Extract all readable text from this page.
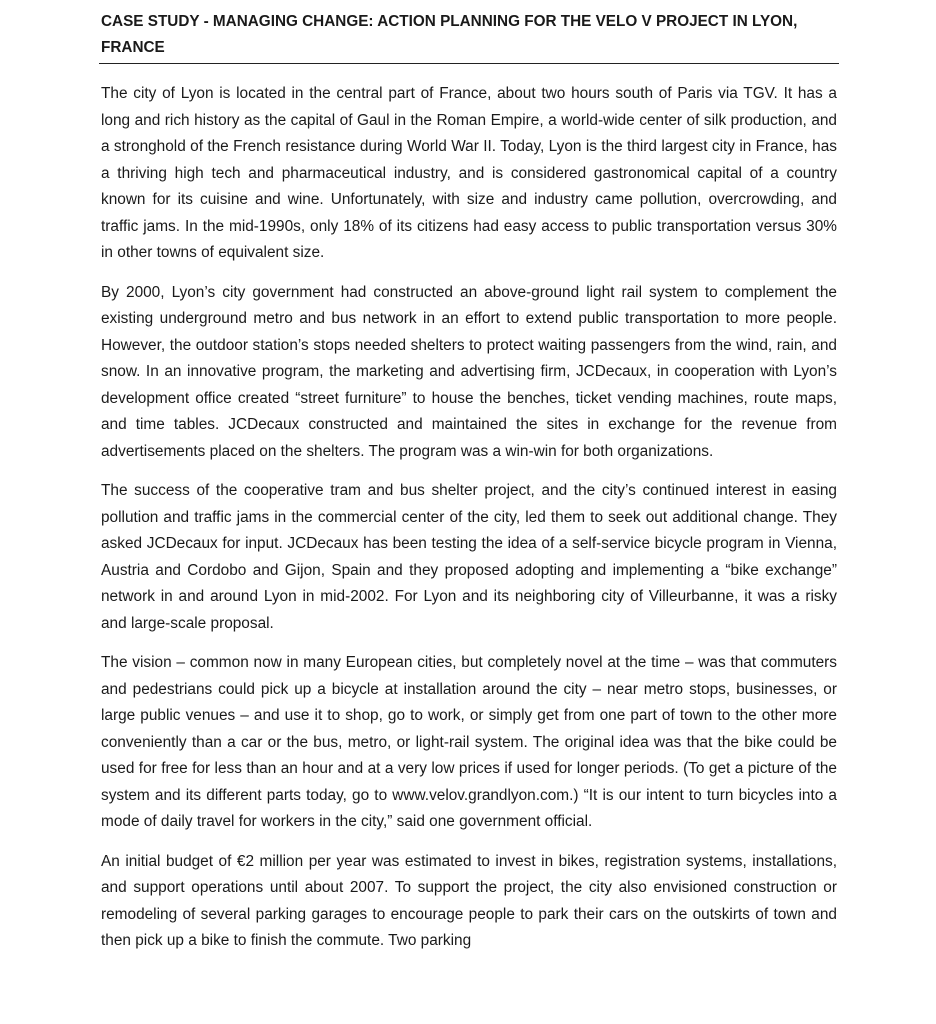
CASE STUDY - MANAGING CHANGE: ACTION PLANNING FOR THE VELO V PROJECT IN LYON, FRANCE

The city of Lyon is located in the central part of France, about two hours south of Paris via TGV. It has a long and rich history as the capital of Gaul in the Roman Empire, a world-wide center of silk production, and a stronghold of the French resistance during World War II. Today, Lyon is the third largest city in France, has a thriving high tech and pharmaceutical industry, and is considered gastronomical capital of a country known for its cuisine and wine. Unfortunately, with size and industry came pollution, overcrowding, and traffic jams. In the mid-1990s, only 18% of its citizens had easy access to public transportation versus 30% in other towns of equivalent size.

By 2000, Lyon’s city government had constructed an above-ground light rail system to complement the existing underground metro and bus network in an effort to extend public transportation to more people. However, the outdoor station’s stops needed shelters to protect waiting passengers from the wind, rain, and snow. In an innovative program, the marketing and advertising firm, JCDecaux, in cooperation with Lyon’s development office created “street furniture” to house the benches, ticket vending machines, route maps, and time tables. JCDecaux constructed and maintained the sites in exchange for the revenue from advertisements placed on the shelters. The program was a win-win for both organizations.

The success of the cooperative tram and bus shelter project, and the city’s continued interest in easing pollution and traffic jams in the commercial center of the city, led them to seek out additional change. They asked JCDecaux for input. JCDecaux has been testing the idea of a self-service bicycle program in Vienna, Austria and Cordobo and Gijon, Spain and they proposed adopting and implementing a “bike exchange” network in and around Lyon in mid-2002. For Lyon and its neighboring city of Villeurbanne, it was a risky and large-scale proposal.

The vision – common now in many European cities, but completely novel at the time – was that commuters and pedestrians could pick up a bicycle at installation around the city – near metro stops, businesses, or large public venues – and use it to shop, go to work, or simply get from one part of town to the other more conveniently than a car or the bus, metro, or light-rail system. The original idea was that the bike could be used for free for less than an hour and at a very low prices if used for longer periods. (To get a picture of the system and its different parts today, go to www.velov.grandlyon.com.) “It is our intent to turn bicycles into a mode of daily travel for workers in the city,” said one government official.

An initial budget of €2 million per year was estimated to invest in bikes, registration systems, installations, and support operations until about 2007. To support the project, the city also envisioned construction or remodeling of several parking garages to encourage people to park their cars on the outskirts of town and then pick up a bike to finish the commute. Two parking
